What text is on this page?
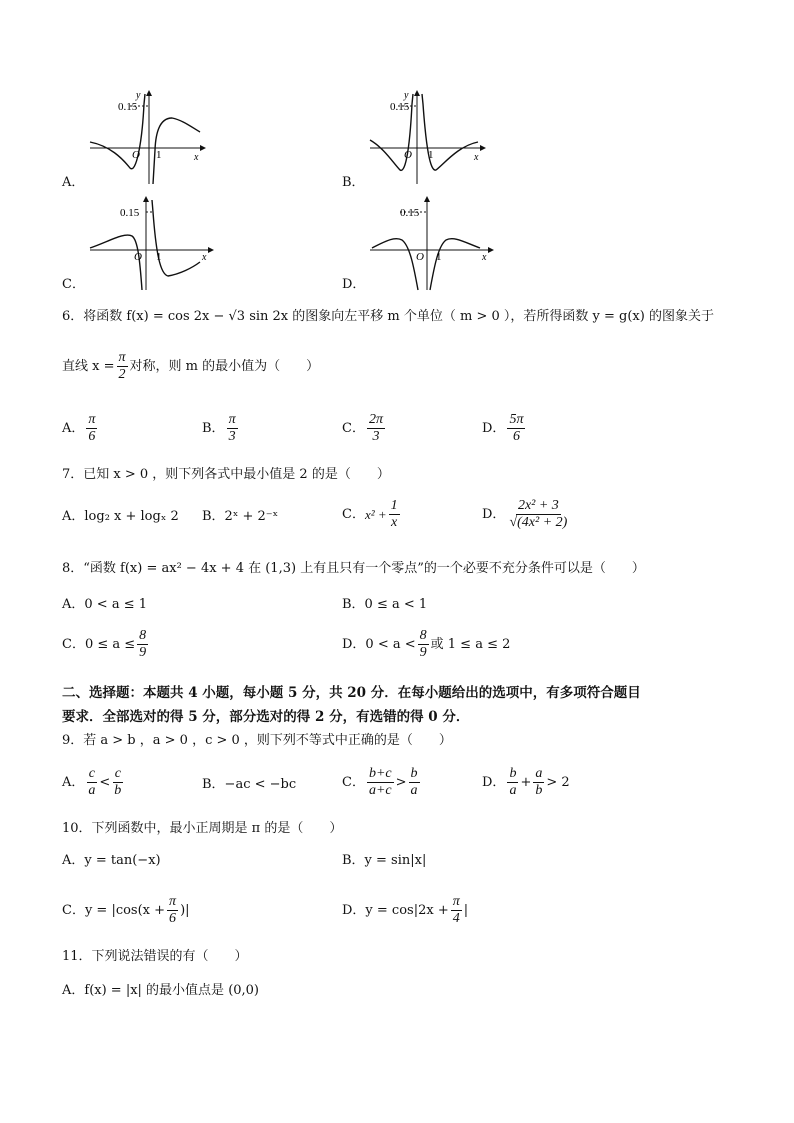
y
0.15
O 1	x
A．
y
0.15
O 1	x
B．
0.15
O 1	x
C．
0.15
O 1	x
D．
6．将函数 f(x) = cos 2x − √3 sin 2x 的图象向左平移 m 个单位（ m > 0 ），若所得函数 y = g(x) 的图象关于
直线 $x = \frac{\pi}{2}$ 对称，则 m 的最小值为（　　）
A． $\frac{\pi}{6}$	B． $\frac{\pi}{3}$	C． $\frac{2\pi}{3}$	D． $\frac{5\pi}{6}$
7．已知 x > 0 ，则下列各式中最小值是 2 的是（　　）
A．log₂ x + logₓ 2 B．2ˣ + 2⁻ˣ	C． $x^2 + \frac{1}{x}$	D． $\frac{\text{2x² + 3}}{\text{√(4x² + 2)}}$
8．“函数 f(x) = ax² − 4x + 4 在 (1,3) 上有且只有一个零点”的一个必要不充分条件可以是（　　）
A．0 < a ≤ 1	B．0 ≤ a < 1
C．$0 \le a \le \frac{8}{9}$	D．$0 < a < \frac{8}{9}$ 或 1 ≤ a ≤ 2
二、选择题：本题共 4 小题，每小题 5 分，共 20 分．在每小题给出的选项中，有多项符合题目
要求．全部选对的得 5 分，部分选对的得 2 分，有选错的得 0 分．
9．若 a > b ，a > 0 ，c > 0 ，则下列不等式中正确的是（　　）
A． $\frac{c}{a} < \frac{c}{b}$	B．−ac < −bc	C． $\frac{b+c}{a+c} > \frac{b}{a}$	D． $\frac{b}{a} + \frac{a}{b} > 2$
10．下列函数中，最小正周期是 π 的是（　　）
A．y = tan(−x)	B．y = sin|x|
C．$y = |\cos(x + \frac{\pi}{6}$ )|	D．$y = \cos|2x + \frac{\pi}{4}$ |
11．下列说法错误的有（　　）
A．f(x) = |x| 的最小值点是 (0,0)
